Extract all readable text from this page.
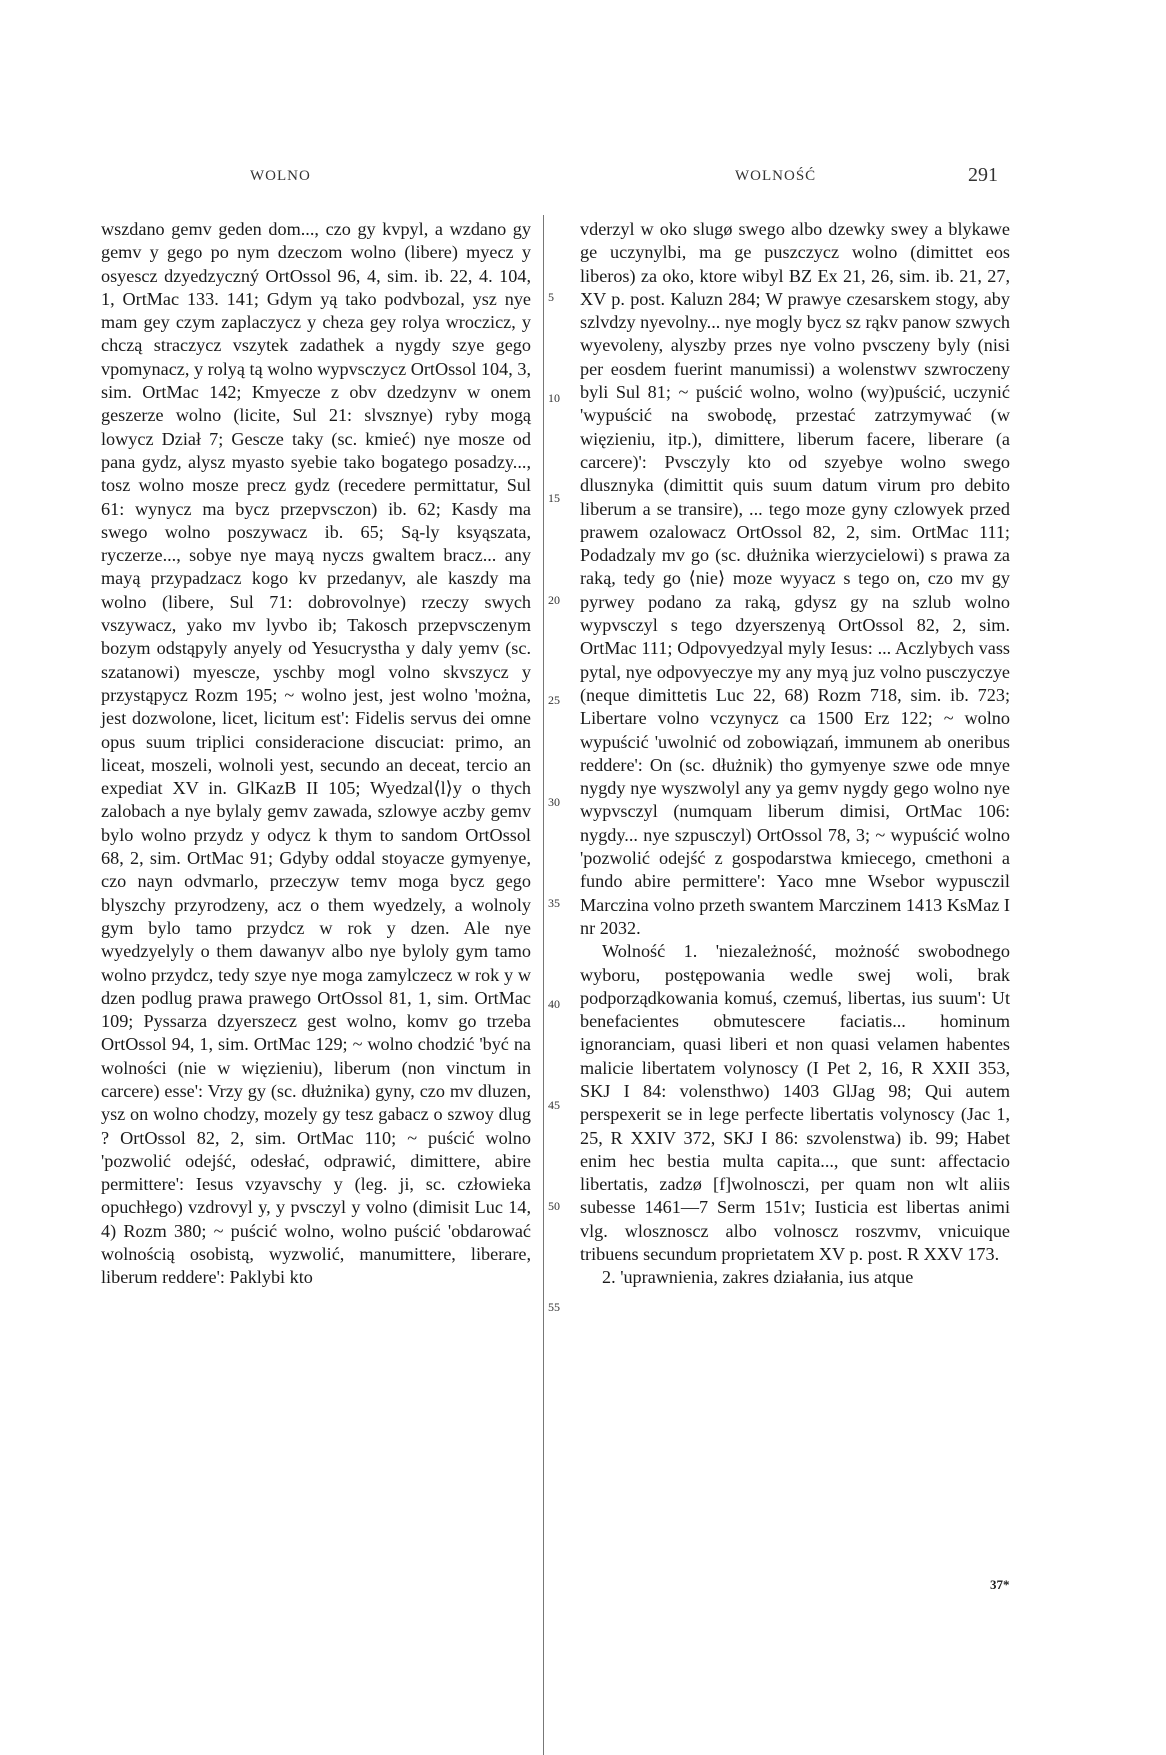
WOLNO	WOLNOŚĆ	291

wszdano gemv geden dom..., czo gy kvpyl, a wzdano gy gemv y gego po nym dzeczom wolno (libere) myecz y osyescz dzyedzyczný OrtOssol 96, 4, sim. ib. 22, 4. 104, 1, OrtMac 133. 141; Gdym yą tako podvbozal, ysz nye mam gey czym zaplaczycz y cheza gey rolya wroczicz, y chczą straczycz vszytek zadathek a nygdy szye gego vpomynacz, y rolyą tą wolno wypvsczycz OrtOssol 104, 3, sim. OrtMac 142; Kmyecze z obv dzedzynv w onem geszerze wolno (licite, Sul 21: slvsznye) ryby mogą lowycz Dział 7; Gescze taky (sc. kmieć) nye mosze od pana gydz, alysz myasto syebie tako bogatego posadzy..., tosz wolno mosze precz gydz (recedere permittatur, Sul 61: wynycz ma bycz przepvsczon) ib. 62; Kasdy ma swego wolno poszywacz ib. 65; Są-ly ksyąszata, ryczerze..., sobye nye mayą nyczs gwaltem bracz... any mayą przypadzacz kogo kv przedanyv, ale kaszdy ma wolno (libere, Sul 71: dobrovolnye) rzeczy swych vszywacz, yako mv lyvbo ib; Takosch przepvsczenym bozym odstąpyly anyely od Yesucrystha y daly yemv (sc. szatanowi) myescze, yschby mogl volno skvszycz y przystąpycz Rozm 195; ~ wolno jest, jest wolno 'można, jest dozwolone, licet, licitum est': Fidelis servus dei omne opus suum triplici consideracione discuciat: primo, an liceat, moszeli, wolnoli yest, secundo an deceat, tercio an expediat XV in. GlKazB II 105; Wyedzal⟨l⟩y o thych zalobach a nye bylaly gemv zawada, szlowye aczby gemv bylo wolno przydz y odycz k thym to sandom OrtOssol 68, 2, sim. OrtMac 91; Gdyby oddal stoyacze gymyenye, czo nayn odvmarlo, przeczyw temv moga bycz gego blyszchy przyrodzeny, acz o them wyedzely, a wolnoly gym bylo tamo przydcz w rok y dzen. Ale nye wyedzyelyly o them dawanyv albo nye byloly gym tamo wolno przydcz, tedy szye nye moga zamylczecz w rok y w dzen podlug prawa prawego OrtOssol 81, 1, sim. OrtMac 109; Pyssarza dzyerszecz gest wolno, komv go trzeba OrtOssol 94, 1, sim. OrtMac 129; ~ wolno chodzić 'być na wolności (nie w więzieniu), liberum (non vinctum in carcere) esse': Vrzy gy (sc. dłużnika) gyny, czo mv dluzen, ysz on wolno chodzy, mozely gy tesz gabacz o szwoy dlug ? OrtOssol 82, 2, sim. OrtMac 110; ~ puścić wolno 'pozwolić odejść, odesłać, odprawić, dimittere, abire permittere': Iesus vzyavschy y (leg. ji, sc. człowieka opuchłego) vzdrovyl y, y pvsczyl y volno (dimisit Luc 14, 4) Rozm 380; ~ puścić wolno, wolno puścić 'obdarować wolnością osobistą, wyzwolić, manumittere, liberare, liberum reddere': Paklybi kto

5
10
15
20
25
30
35
40
45
50
55

vderzyl w oko slugø swego albo dzewky swey a blykawe ge uczynylbi, ma ge puszczycz wolno (dimittet eos liberos) za oko, ktore wibyl BZ Ex 21, 26, sim. ib. 21, 27, XV p. post. Kaluzn 284; W prawye czesarskem stogy, aby szlvdzy nyevolny... nye mogly bycz sz rąkv panow szwych wyevoleny, alyszby przes nye volno pvsczeny byly (nisi per eosdem fuerint manumissi) a wolenstwv szwroczeny byli Sul 81; ~ puścić wolno, wolno (wy)puścić, uczynić 'wypuścić na swobodę, przestać zatrzymywać (w więzieniu, itp.), dimittere, liberum facere, liberare (a carcere)': Pvsczyly kto od szyebye wolno swego dlusznyka (dimittit quis suum datum virum pro debito liberum a se transire), ... tego moze gyny czlowyek przed prawem ozalowacz OrtOssol 82, 2, sim. OrtMac 111; Podadzaly mv go (sc. dłużnika wierzycielowi) s prawa za raką, tedy go ⟨nie⟩ moze wyyacz s tego on, czo mv gy pyrwey podano za raką, gdysz gy na szlub wolno wypvsczyl s tego dzyerszenyą OrtOssol 82, 2, sim. OrtMac 111; Odpovyedzyal myly Iesus: ... Aczlybych vass pytal, nye odpovyeczye my any myą juz volno pusczyczye (neque dimittetis Luc 22, 68) Rozm 718, sim. ib. 723; Libertare volno vczynycz ca 1500 Erz 122; ~ wolno wypuścić 'uwolnić od zobowiązań, immunem ab oneribus reddere': On (sc. dłużnik) tho gymyenye szwe ode mnye nygdy nye wyszwolyl any ya gemv nygdy gego wolno nye wypvsczyl (numquam liberum dimisi, OrtMac 106: nygdy... nye szpusczyl) OrtOssol 78, 3; ~ wypuścić wolno 'pozwolić odejść z gospodarstwa kmiecego, cmethoni a fundo abire permittere': Yaco mne Wsebor wypusczil Marczina volno przeth swantem Marczinem 1413 KsMaz I nr 2032.

Wolność 1. 'niezależność, możność swobodnego wyboru, postępowania wedle swej woli, brak podporządkowania komuś, czemuś, libertas, ius suum': Ut benefacientes obmutescere faciatis... hominum ignoranciam, quasi liberi et non quasi velamen habentes malicie libertatem volynoscy (I Pet 2, 16, R XXII 353, SKJ I 84: volensthwo) 1403 GlJag 98; Qui autem perspexerit se in lege perfecte libertatis volynoscy (Jac 1, 25, R XXIV 372, SKJ I 86: szvolenstwa) ib. 99; Habet enim hec bestia multa capita..., que sunt: affectacio libertatis, zadzø [f]wolnosczi, per quam non wlt aliis subesse 1461—7 Serm 151v; Iusticia est libertas animi vlg. wlosznoscz albo volnoscz roszvmv, vnicuique tribuens secundum proprietatem XV p. post. R XXV 173.

2. 'uprawnienia, zakres działania, ius atque

37*
